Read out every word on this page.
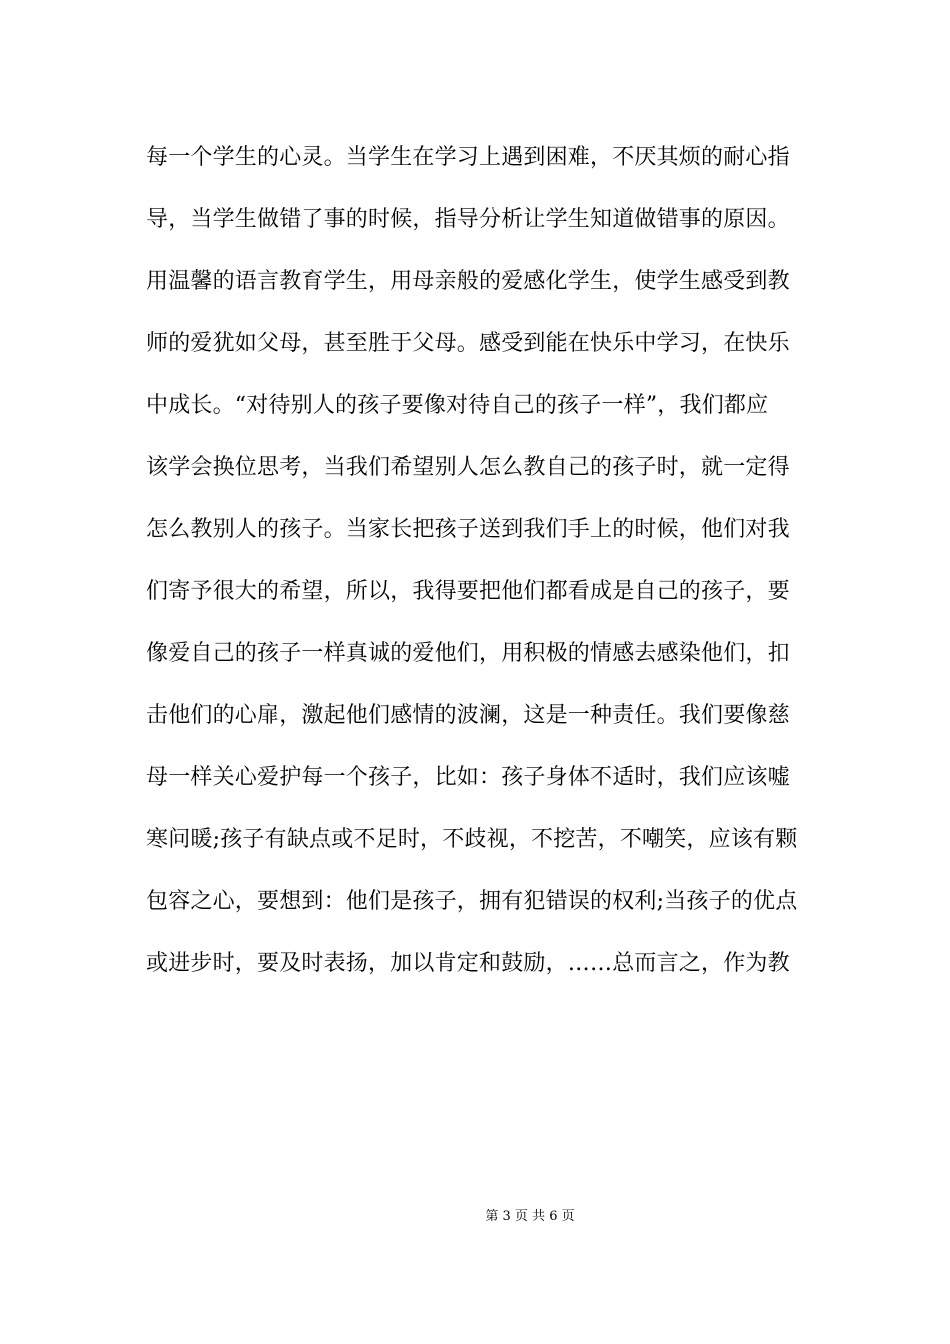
每一个学生的心灵。当学生在学习上遇到困难，不厌其烦的耐心指
导，当学生做错了事的时候，指导分析让学生知道做错事的原因。
用温馨的语言教育学生，用母亲般的爱感化学生，使学生感受到教
师的爱犹如父母，甚至胜于父母。感受到能在快乐中学习，在快乐
中成长。“对待别人的孩子要像对待自己的孩子一样”，我们都应
该学会换位思考，当我们希望别人怎么教自己的孩子时，就一定得
怎么教别人的孩子。当家长把孩子送到我们手上的时候，他们对我
们寄予很大的希望，所以，我得要把他们都看成是自己的孩子，要
像爱自己的孩子一样真诚的爱他们，用积极的情感去感染他们，扣
击他们的心扉，激起他们感情的波澜，这是一种责任。我们要像慈
母一样关心爱护每一个孩子，比如：孩子身体不适时，我们应该嘘
寒问暖;孩子有缺点或不足时，不歧视，不挖苦，不嘲笑，应该有颗
包容之心，要想到：他们是孩子，拥有犯错误的权利;当孩子的优点
或进步时，要及时表扬，加以肯定和鼓励，……总而言之，作为教
第 3 页 共 6 页
